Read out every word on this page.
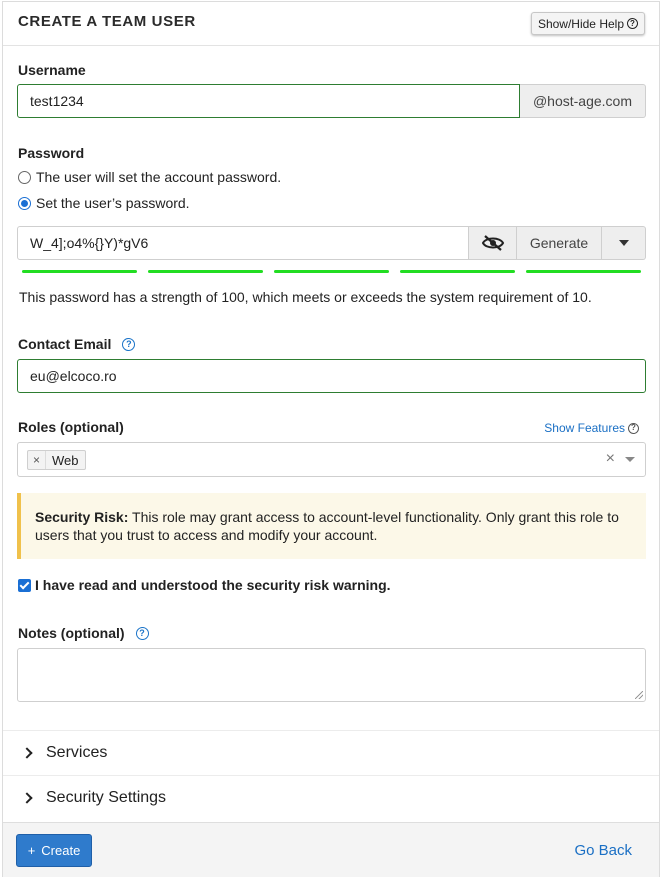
CREATE A TEAM USER	Show/Hide Help ?
Username
test1234	@host-age.com
Password
The user will set the account password.
Set the user’s password.
W_4];o4%{}Y)*gV6	Generate
This password has a strength of 100, which meets or exceeds the system requirement of 10.
Contact Email	?
eu@elcoco.ro
Roles (optional)	Show Features ?
× Web	×
Security Risk: This role may grant access to account-level functionality. Only grant this role to users that you trust to access and modify your account.
I have read and understood the security risk warning.
Notes (optional)	?
Services
Security Settings
+ Create	Go Back
